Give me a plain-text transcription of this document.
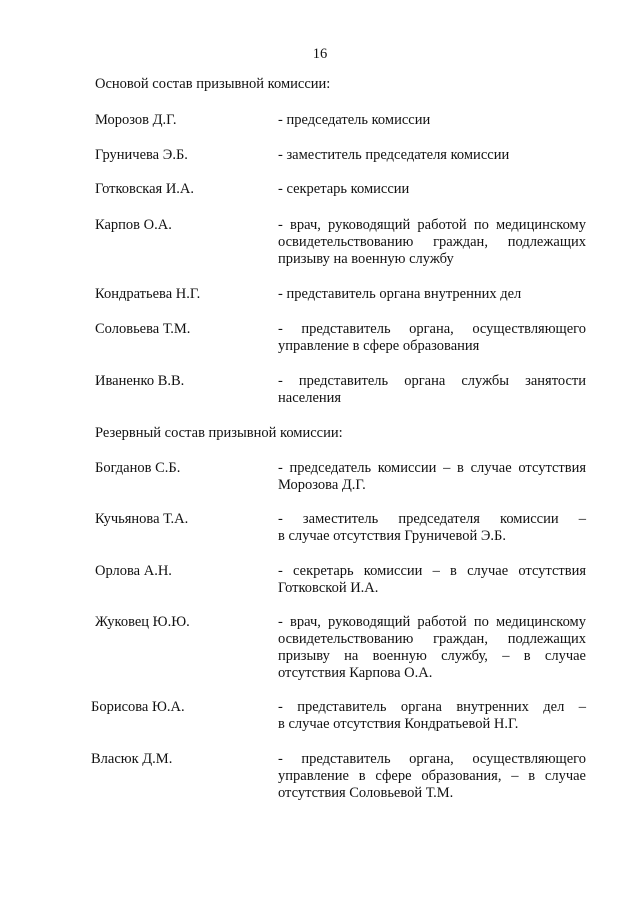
16
Основой состав призывной комиссии:
Морозов Д.Г.	- председатель комиссии
Груничева Э.Б.	- заместитель председателя комиссии
Готковская И.А.	- секретарь комиссии
Карпов О.А.	- врач, руководящий работой по медицинскому
освидетельствованию граждан, подлежащих
призыву на военную службу
Кондратьева Н.Г.	- представитель органа внутренних дел
Соловьева Т.М.	- представитель органа, осуществляющего
управление в сфере образования
Иваненко В.В.	- представитель органа службы занятости
населения
Резервный состав призывной комиссии:
Богданов С.Б.	- председатель комиссии – в случае отсутствия
Морозова Д.Г.
Кучьянова Т.А.	- заместитель председателя комиссии –
в случае отсутствия Груничевой Э.Б.
Орлова А.Н.	- секретарь комиссии – в случае отсутствия
Готковской И.А.
Жуковец Ю.Ю.	- врач, руководящий работой по медицинскому
освидетельствованию граждан, подлежащих
призыву на военную службу, – в случае
отсутствия Карпова О.А.
Борисова Ю.А.	- представитель органа внутренних дел –
в случае отсутствия Кондратьевой Н.Г.
Власюк Д.М.	- представитель органа, осуществляющего
управление в сфере образования, – в случае
отсутствия Соловьевой Т.М.
